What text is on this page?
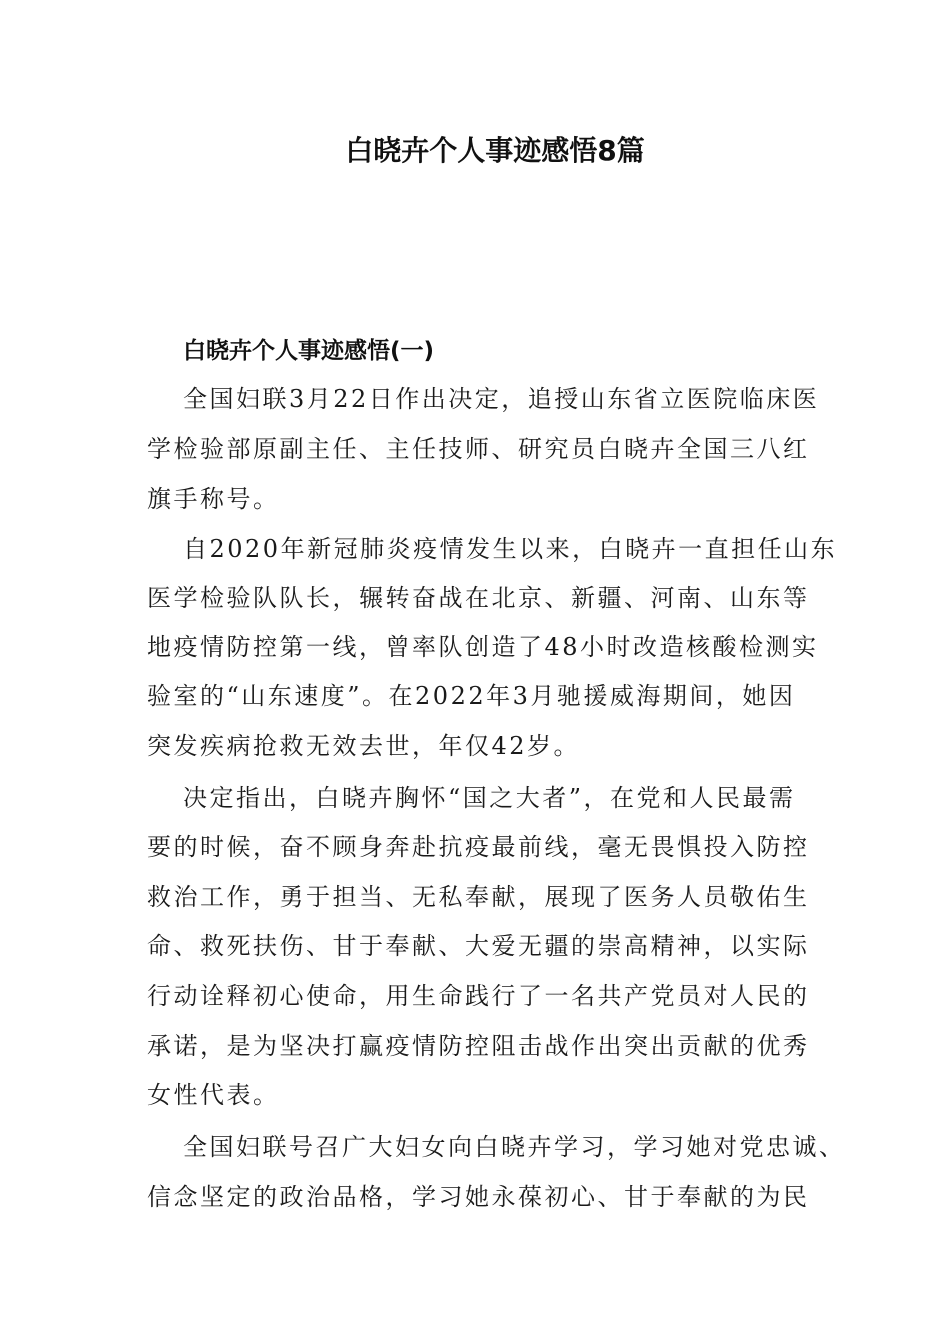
白晓卉个人事迹感悟8篇
白晓卉个人事迹感悟(一)
全国妇联3月22日作出决定，追授山东省立医院临床医
学检验部原副主任、主任技师、研究员白晓卉全国三八红
旗手称号。
自2020年新冠肺炎疫情发生以来，白晓卉一直担任山东
医学检验队队长，辗转奋战在北京、新疆、河南、山东等
地疫情防控第一线，曾率队创造了48小时改造核酸检测实
验室的“山东速度”。在2022年3月驰援威海期间，她因
突发疾病抢救无效去世，年仅42岁。
决定指出，白晓卉胸怀“国之大者”，在党和人民最需
要的时候，奋不顾身奔赴抗疫最前线，毫无畏惧投入防控
救治工作，勇于担当、无私奉献，展现了医务人员敬佑生
命、救死扶伤、甘于奉献、大爱无疆的崇高精神，以实际
行动诠释初心使命，用生命践行了一名共产党员对人民的
承诺，是为坚决打赢疫情防控阻击战作出突出贡献的优秀
女性代表。
全国妇联号召广大妇女向白晓卉学习，学习她对党忠诚、
信念坚定的政治品格，学习她永葆初心、甘于奉献的为民
